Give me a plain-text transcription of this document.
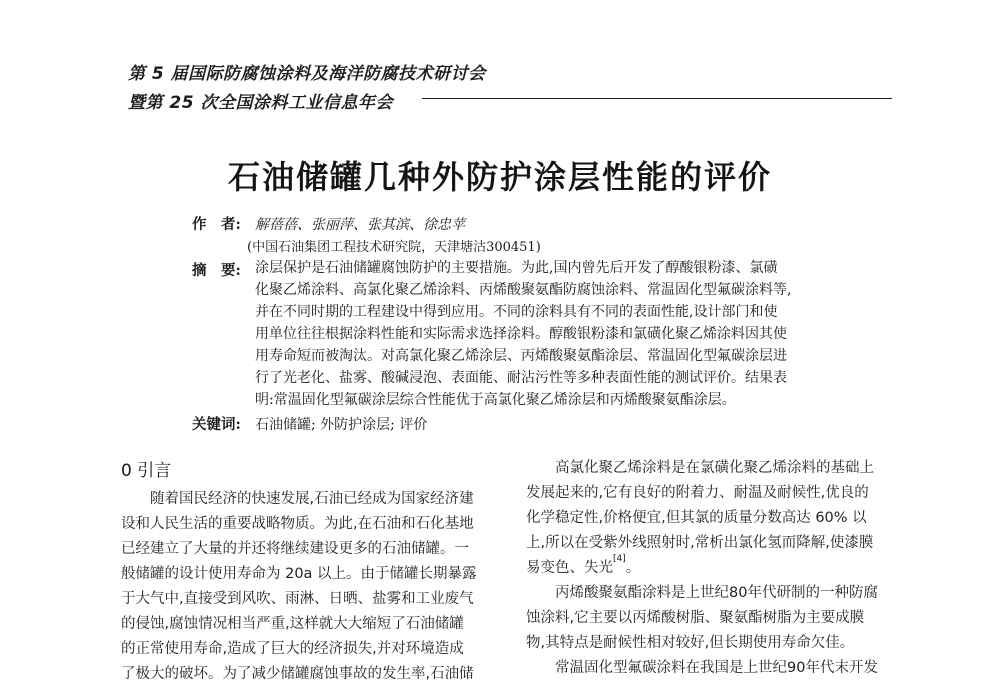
第 5 届国际防腐蚀涂料及海洋防腐技术研讨会
暨第 25 次全国涂料工业信息年会
石油储罐几种外防护涂层性能的评价
作　者: 解蓓蓓、张丽萍、张其滨、徐忠苹
(中国石油集团工程技术研究院，天津塘沽300451)
摘　要: 涂层保护是石油储罐腐蚀防护的主要措施。为此,国内曾先后开发了醇酸银粉漆、氯磺
化聚乙烯涂料、高氯化聚乙烯涂料、丙烯酸聚氨酯防腐蚀涂料、常温固化型氟碳涂料等,
并在不同时期的工程建设中得到应用。不同的涂料具有不同的表面性能,设计部门和使
用单位往往根据涂料性能和实际需求选择涂料。醇酸银粉漆和氯磺化聚乙烯涂料因其使
用寿命短而被淘汰。对高氯化聚乙烯涂层、丙烯酸聚氨酯涂层、常温固化型氟碳涂层进
行了光老化、盐雾、酸碱浸泡、表面能、耐沾污性等多种表面性能的测试评价。结果表
明:常温固化型氟碳涂层综合性能优于高氯化聚乙烯涂层和丙烯酸聚氨酯涂层。
关键词: 石油储罐; 外防护涂层; 评价
0 引言
随着国民经济的快速发展,石油已经成为国家经济建
设和人民生活的重要战略物质。为此,在石油和石化基地
已经建立了大量的并还将继续建设更多的石油储罐。一
般储罐的设计使用寿命为 20a 以上。由于储罐长期暴露
于大气中,直接受到风吹、雨淋、日晒、盐雾和工业废气
的侵蚀,腐蚀情况相当严重,这样就大大缩短了石油储罐
的正常使用寿命,造成了巨大的经济损失,并对环境造成
了极大的破坏。为了减少储罐腐蚀事故的发生率,石油储
高氯化聚乙烯涂料是在氯磺化聚乙烯涂料的基础上
发展起来的,它有良好的附着力、耐温及耐候性,优良的
化学稳定性,价格便宜,但其氯的质量分数高达 60% 以
上,所以在受紫外线照射时,常析出氯化氢而降解,使漆膜
易变色、失光[4]。
丙烯酸聚氨酯涂料是上世纪80年代研制的一种防腐
蚀涂料,它主要以丙烯酸树脂、聚氨酯树脂为主要成膜
物,其特点是耐候性相对较好,但长期使用寿命欠佳。
常温固化型氟碳涂料在我国是上世纪90年代末开发
